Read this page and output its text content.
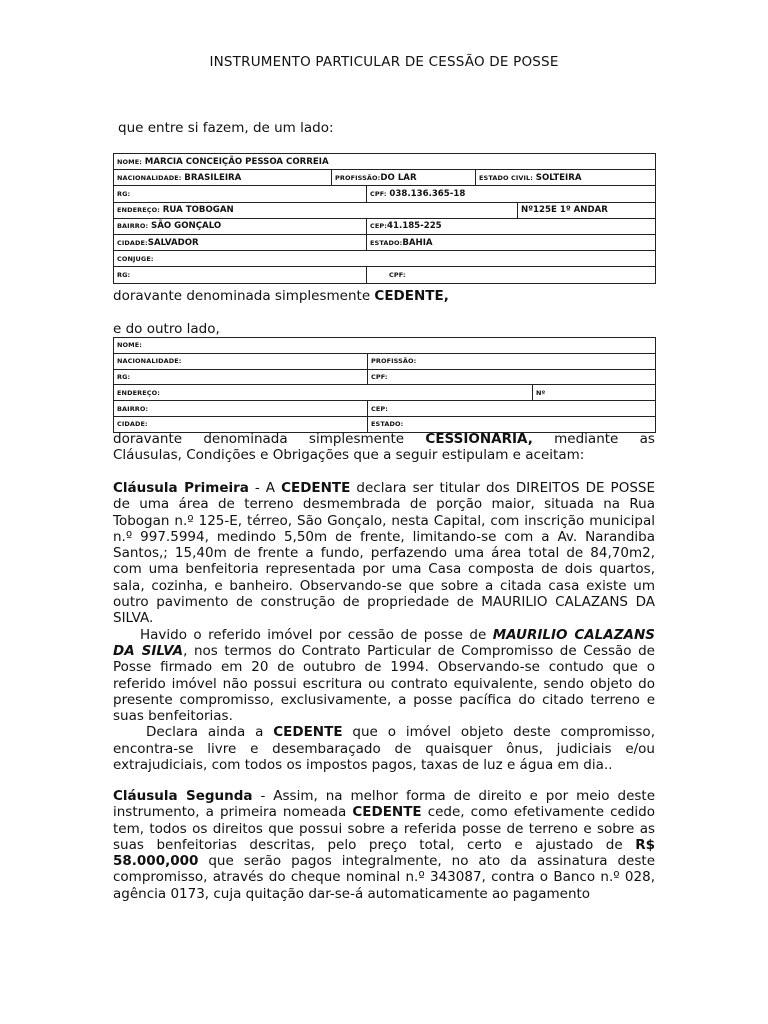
INSTRUMENTO PARTICULAR DE CESSÃO DE POSSE
que entre si fazem, de um lado:
NOME: MARCIA CONCEIÇÃO PESSOA CORREIA				
NACIONALIDADE: BRASILEIRA	PROFISSÃO:DO LAR		ESTADO CIVIL: SOLTEIRA	
RG:		CPF: 038.136.365-18		
ENDEREÇO: RUA TOBOGAN				Nº125E 1º ANDAR
BAIRRO: SÃO GONÇALO		CEP:41.185-225		
CIDADE:SALVADOR		ESTADO:BAHIA		
CONJUGE:				
RG:		CPF:		
doravante denominada simplesmente CEDENTE,
e do outro lado,
NOME:		
NACIONALIDADE:	PROFISSÃO:	
RG:	CPF:	
ENDEREÇO:		Nº
BAIRRO:	CEP:	
CIDADE:	ESTADO:	
doravante denominada simplesmente CESSIONARIA, mediante as
Cláusulas, Condições e Obrigações que a seguir estipulam e aceitam:

Cláusula Primeira - A CEDENTE declara ser titular dos DIREITOS DE POSSE de uma área de terreno desmembrada de porção maior, situada na Rua Tobogan n.º 125-E, térreo, São Gonçalo, nesta Capital, com inscrição municipal n.º 997.5994, medindo 5,50m de frente, limitando-se com a Av. Narandiba Santos,; 15,40m de frente a fundo, perfazendo uma área total de 84,70m2, com uma benfeitoria representada por uma Casa composta de dois quartos, sala, cozinha, e banheiro. Observando-se que sobre a citada casa existe um outro pavimento de construção de propriedade de MAURILIO CALAZANS DA SILVA.

Havido o referido imóvel por cessão de posse de MAURILIO CALAZANS DA SILVA, nos termos do Contrato Particular de Compromisso de Cessão de Posse firmado em 20 de outubro de 1994. Observando-se contudo que o referido imóvel não possui escritura ou contrato equivalente, sendo objeto do presente compromisso, exclusivamente, a posse pacífica do citado terreno e suas benfeitorias.

Declara ainda a CEDENTE que o imóvel objeto deste compromisso, encontra-se livre e desembaraçado de quaisquer ônus, judiciais e/ou extrajudiciais, com todos os impostos pagos, taxas de luz e água em dia..

Cláusula Segunda - Assim, na melhor forma de direito e por meio deste instrumento, a primeira nomeada CEDENTE cede, como efetivamente cedido tem, todos os direitos que possui sobre a referida posse de terreno e sobre as suas benfeitorias descritas, pelo preço total, certo e ajustado de R$ 58.000,000 que serão pagos integralmente, no ato da assinatura deste compromisso, através do cheque nominal n.º 343087, contra o Banco n.º 028, agência 0173, cuja quitação dar-se-á automaticamente ao pagamento
